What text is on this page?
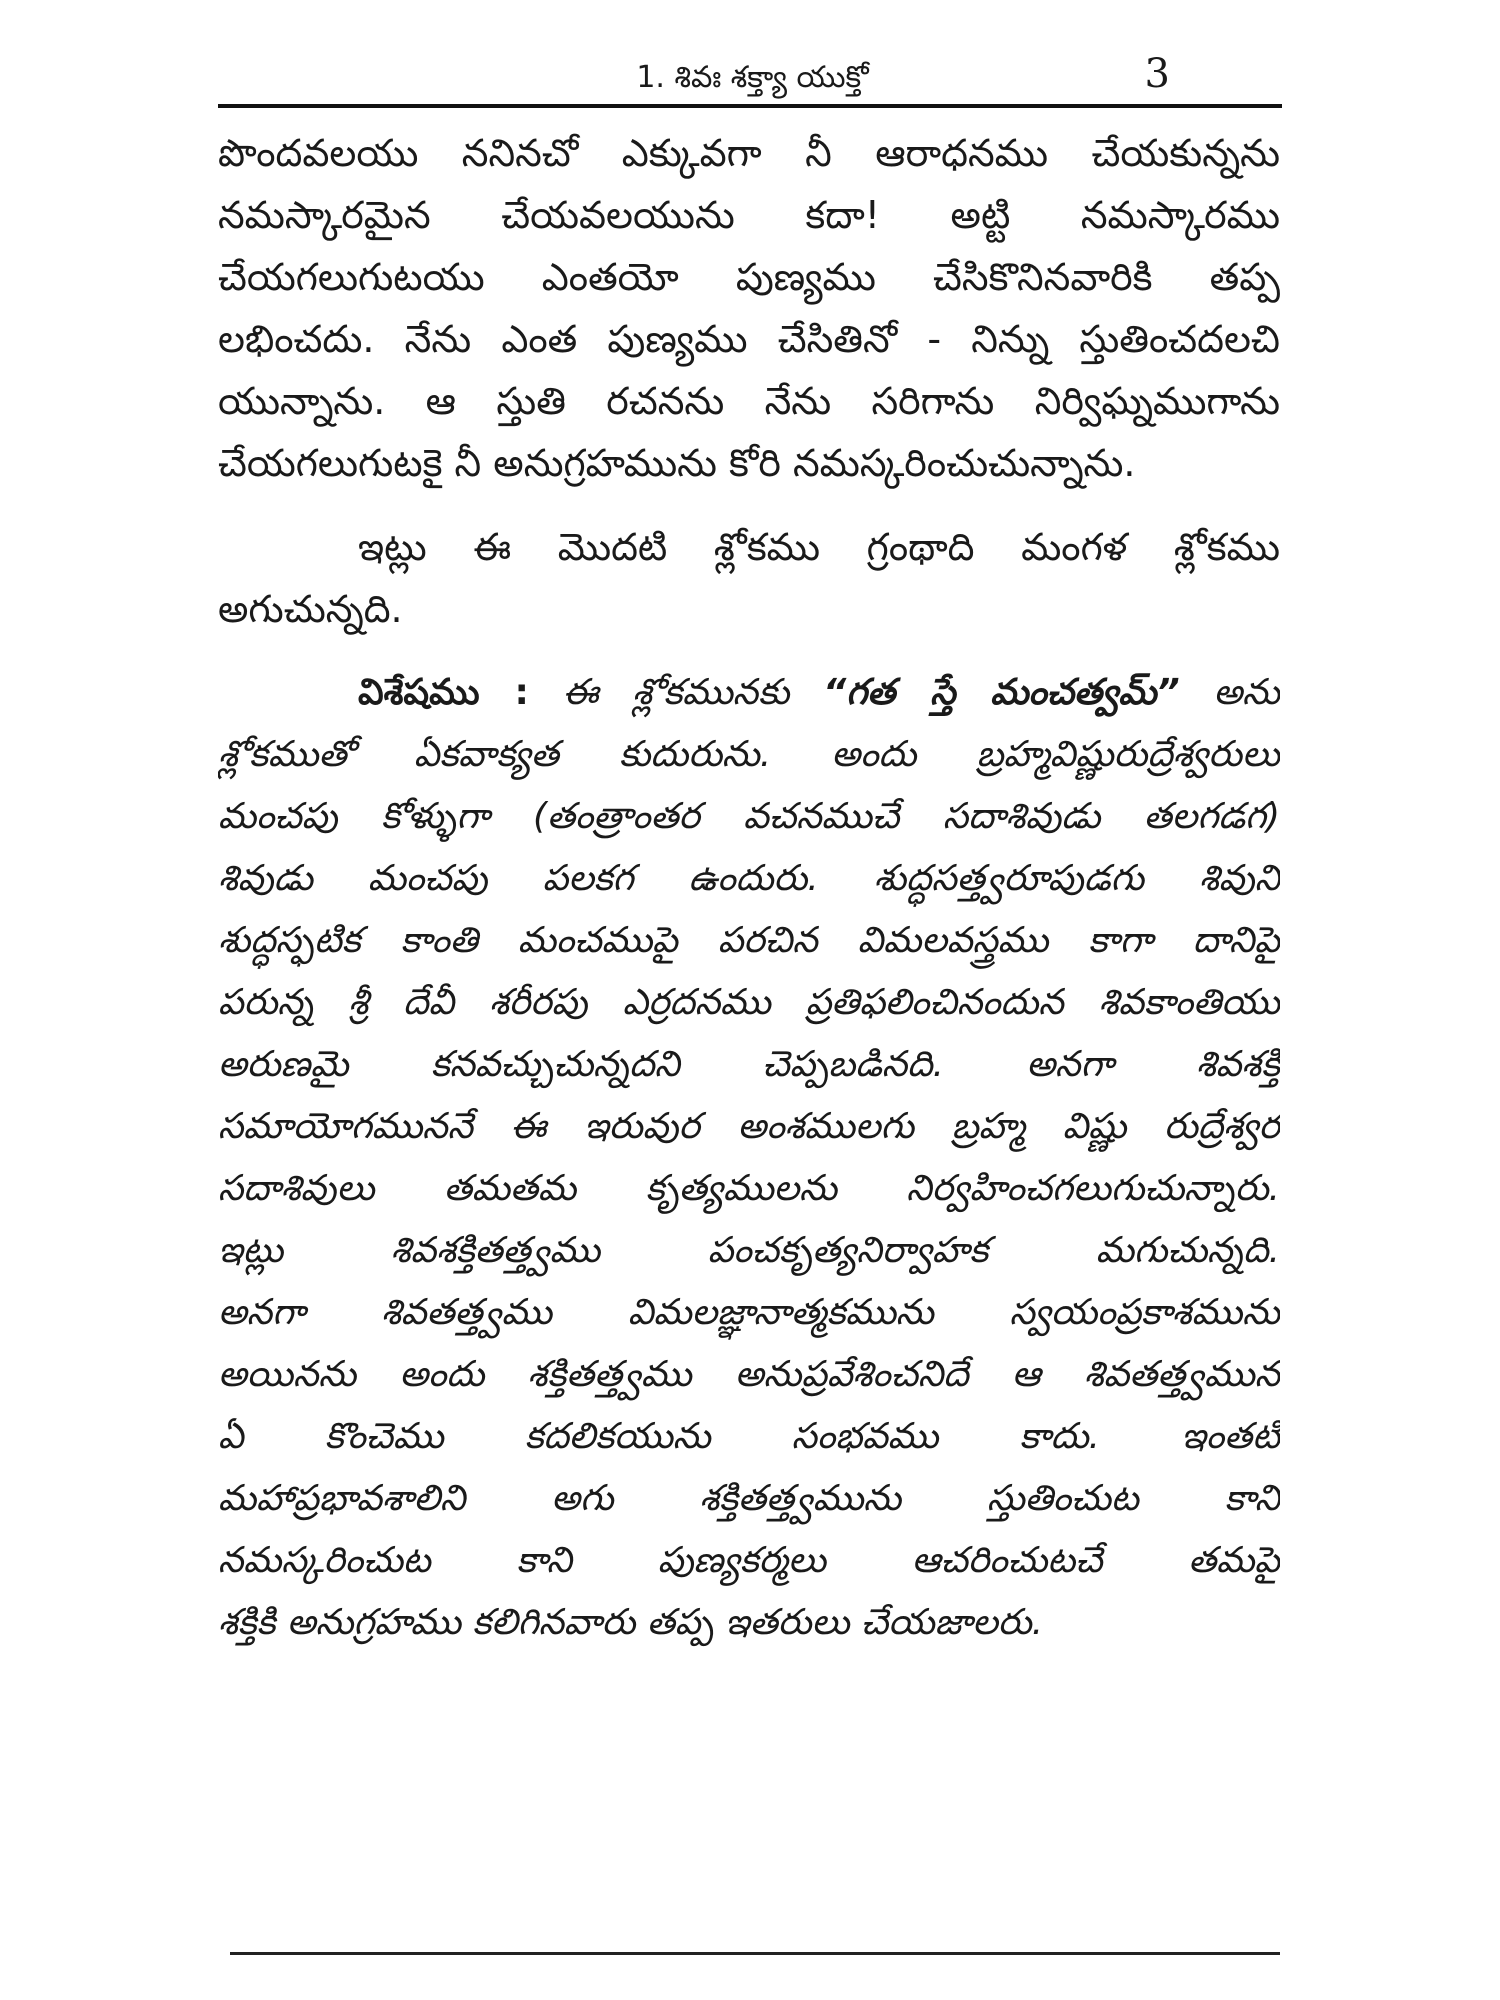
1. శివః శక్త్యా యుక్తో	3
పొందవలయు ననినచో ఎక్కువగా నీ ఆరాధనము చేయకున్నను
నమస్కారమైన చేయవలయును కదా! అట్టి నమస్కారము
చేయగలుగుటయు ఎంతయో పుణ్యము చేసికొనినవారికి తప్ప
లభించదు. నేను ఎంత పుణ్యము చేసితినో - నిన్ను స్తుతించదలచి
యున్నాను. ఆ స్తుతి రచనను నేను సరిగాను నిర్విఘ్నముగాను
చేయగలుగుటకై నీ అనుగ్రహమును కోరి నమస్కరించుచున్నాను.
ఇట్లు ఈ మొదటి శ్లోకము గ్రంథాది మంగళ శ్లోకము
అగుచున్నది.
విశేషము : ఈ శ్లోకమునకు “గత స్తే మంచత్వమ్” అను
శ్లోకముతో ఏకవాక్యత కుదురును. అందు బ్రహ్మవిష్ణురుద్రేశ్వరులు
మంచపు కోళ్ళుగా (తంత్రాంతర వచనముచే సదాశివుడు తలగడగ)
శివుడు మంచపు పలకగ ఉందురు. శుద్ధసత్త్వరూపుడగు శివుని
శుద్ధస్ఫటిక కాంతి మంచముపై పరచిన విమలవస్త్రము కాగా దానిపై
పరున్న శ్రీ దేవీ శరీరపు ఎర్రదనము ప్రతిఫలించినందున శివకాంతియు
అరుణమై కనవచ్చుచున్నదని చెప్పబడినది. అనగా శివశక్తి
సమాయోగముననే ఈ ఇరువుర అంశములగు బ్రహ్మ విష్ణు రుద్రేశ్వర
సదాశివులు తమతమ కృత్యములను నిర్వహించగలుగుచున్నారు.
ఇట్లు శివశక్తితత్త్వము పంచకృత్యనిర్వాహక మగుచున్నది.
అనగా శివతత్త్వము విమలజ్ఞానాత్మకమును స్వయంప్రకాశమును
అయినను అందు శక్తితత్త్వము అనుప్రవేశించనిదే ఆ శివతత్త్వమున
ఏ కొంచెము కదలికయును సంభవము కాదు. ఇంతటి
మహాప్రభావశాలిని అగు శక్తితత్త్వమును స్తుతించుట కాని
నమస్కరించుట కాని పుణ్యకర్మలు ఆచరించుటచే తమపై
శక్తికి అనుగ్రహము కలిగినవారు తప్ప ఇతరులు చేయజాలరు.
